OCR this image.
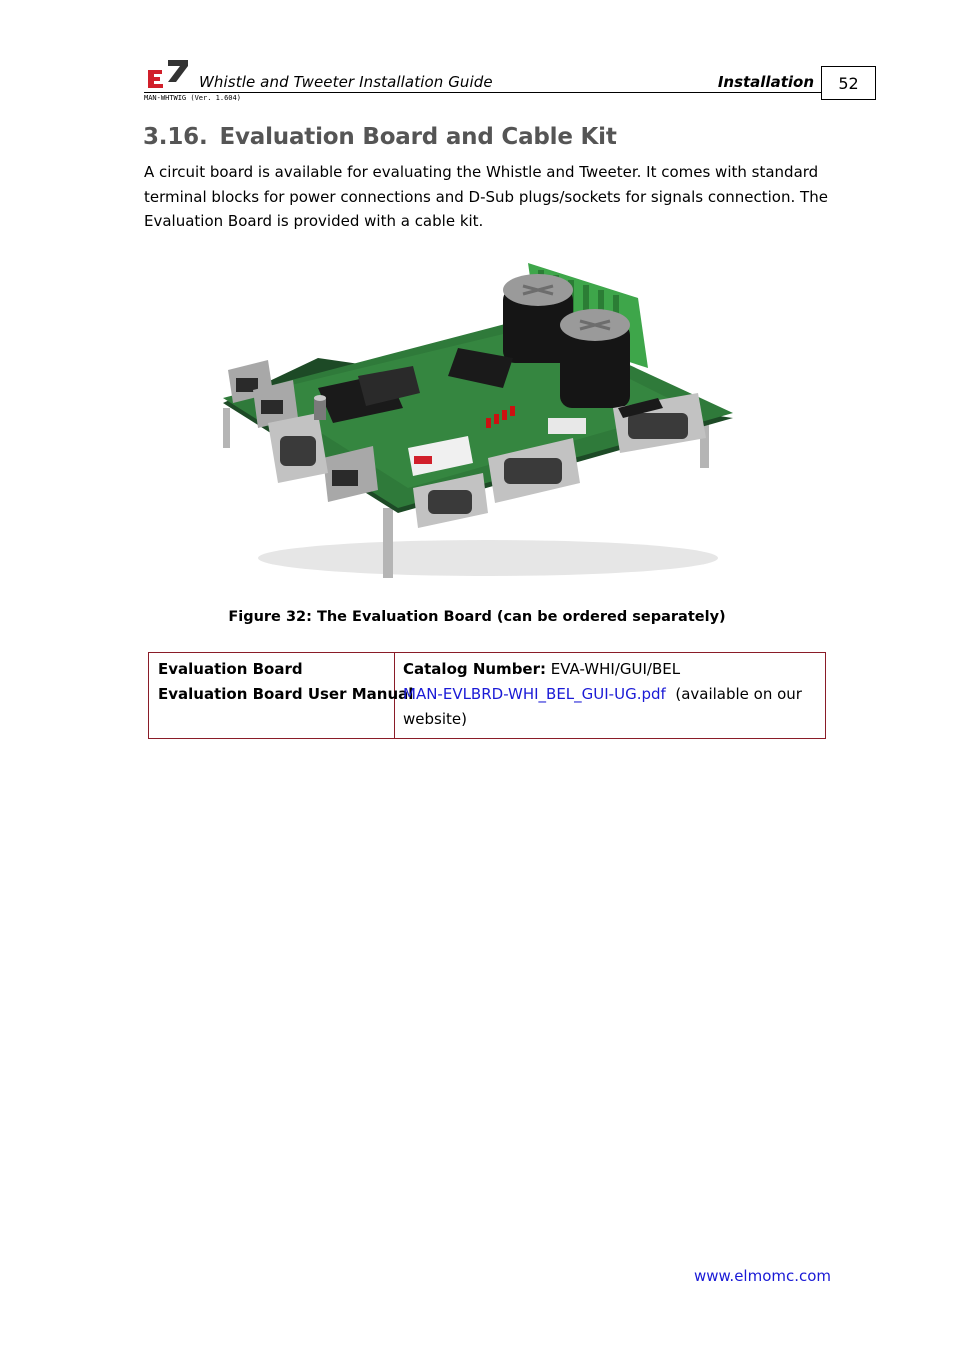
Whistle and Tweeter Installation Guide	Installation 52
MAN-WHTWIG (Ver. 1.604)
3.16. Evaluation Board and Cable Kit
A circuit board is available for evaluating the Whistle and Tweeter. It comes with standard
terminal blocks for power connections and D-Sub plugs/sockets for signals connection. The
Evaluation Board is provided with a cable kit.
Figure 32: The Evaluation Board (can be ordered separately)
Evaluation Board
Evaluation Board User Manual
Catalog Number: EVA-WHI/GUI/BEL
MAN-EVLBRD-WHI_BEL_GUI-UG.pdf (available on our
website)
www.elmomc.com
